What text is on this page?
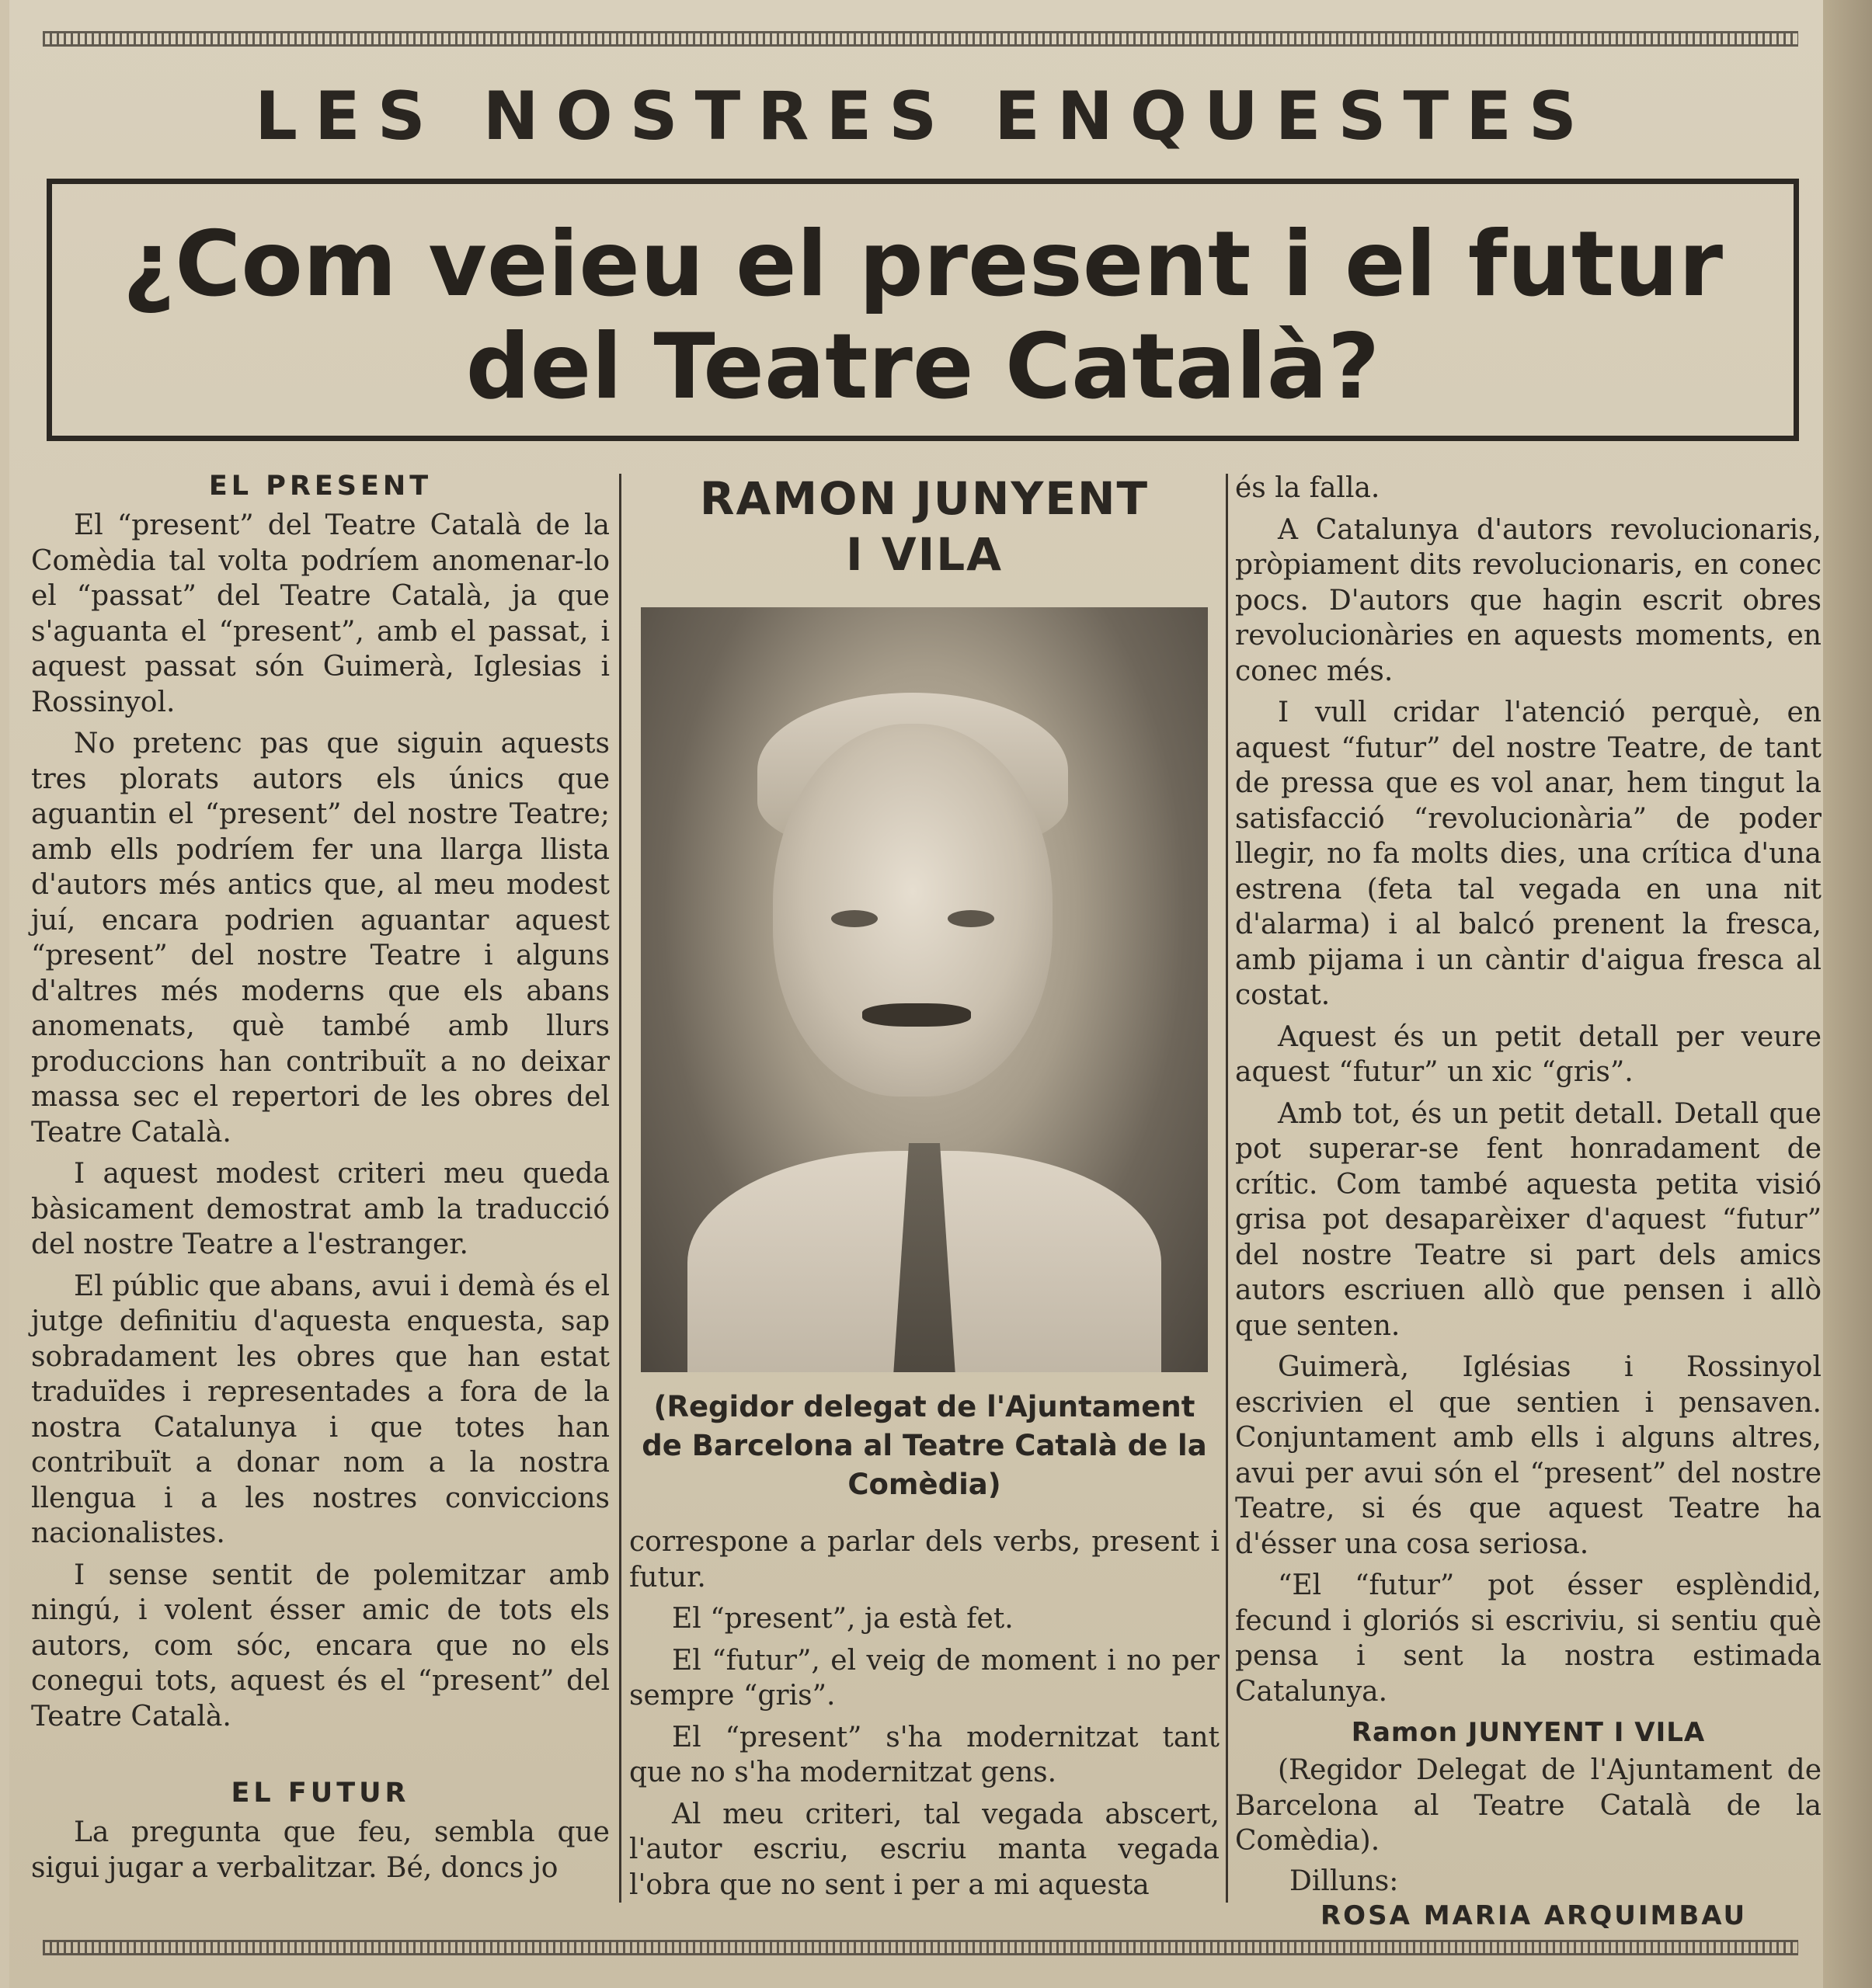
LES NOSTRES ENQUESTES
¿Com veieu el present i el futur
del Teatre Català?
EL PRESENT

El “present” del Teatre Català de la Comèdia tal volta podríem anomenar-lo el “passat” del Teatre Català, ja que s'aguanta el “present”, amb el passat, i aquest passat són Guimerà, Iglesias i Rossinyol.

No pretenc pas que siguin aquests tres plorats autors els únics que aguantin el “present” del nostre Teatre; amb ells podríem fer una llarga llista d'autors més antics que, al meu modest juí, encara podrien aguantar aquest “present” del nostre Teatre i alguns d'altres més moderns que els abans anomenats, què també amb llurs produccions han contribuït a no deixar massa sec el repertori de les obres del Teatre Català.

I aquest modest criteri meu queda bàsicament demostrat amb la traducció del nostre Teatre a l'estranger.

El públic que abans, avui i demà és el jutge definitiu d'aquesta enquesta, sap sobradament les obres que han estat traduïdes i representades a fora de la nostra Catalunya i que totes han contribuït a donar nom a la nostra llengua i a les nostres conviccions nacionalistes.

I sense sentit de polemitzar amb ningú, i volent ésser amic de tots els autors, com sóc, encara que no els conegui tots, aquest és el “present” del Teatre Català.

EL FUTUR

La pregunta que feu, sembla que sigui jugar a verbalitzar. Bé, doncs jo

RAMON JUNYENT
I VILA
(Regidor delegat de l'Ajuntament de Barcelona al Teatre Català de la Comèdia)

correspone a parlar dels verbs, present i futur.

El “present”, ja està fet.

El “futur”, el veig de moment i no per sempre “gris”.

El “present” s'ha modernitzat tant que no s'ha modernitzat gens.

Al meu criteri, tal vegada abscert, l'autor escriu, escriu manta vegada l'obra que no sent i per a mi aquesta

és la falla.

A Catalunya d'autors revolucionaris, pròpiament dits revolucionaris, en conec pocs. D'autors que hagin escrit obres revolucionàries en aquests moments, en conec més.

I vull cridar l'atenció perquè, en aquest “futur” del nostre Teatre, de tant de pressa que es vol anar, hem tingut la satisfacció “revolucionària” de poder llegir, no fa molts dies, una crítica d'una estrena (feta tal vegada en una nit d'alarma) i al balcó prenent la fresca, amb pijama i un càntir d'aigua fresca al costat.

Aquest és un petit detall per veure aquest “futur” un xic “gris”.

Amb tot, és un petit detall. Detall que pot superar-se fent honradament de crític. Com també aquesta petita visió grisa pot desaparèixer d'aquest “futur” del nostre Teatre si part dels amics autors escriuen allò que pensen i allò que senten.

Guimerà, Iglésias i Rossinyol escrivien el que sentien i pensaven. Conjuntament amb ells i alguns altres, avui per avui són el “present” del nostre Teatre, si és que aquest Teatre ha d'ésser una cosa seriosa.

“El “futur” pot ésser esplèndid, fecund i gloriós si escriviu, si sentiu què pensa i sent la nostra estimada Catalunya.

Ramon JUNYENT I VILA

(Regidor Delegat de l'Ajuntament de Barcelona al Teatre Català de la Comèdia).

Dilluns:
ROSA MARIA ARQUIMBAU
